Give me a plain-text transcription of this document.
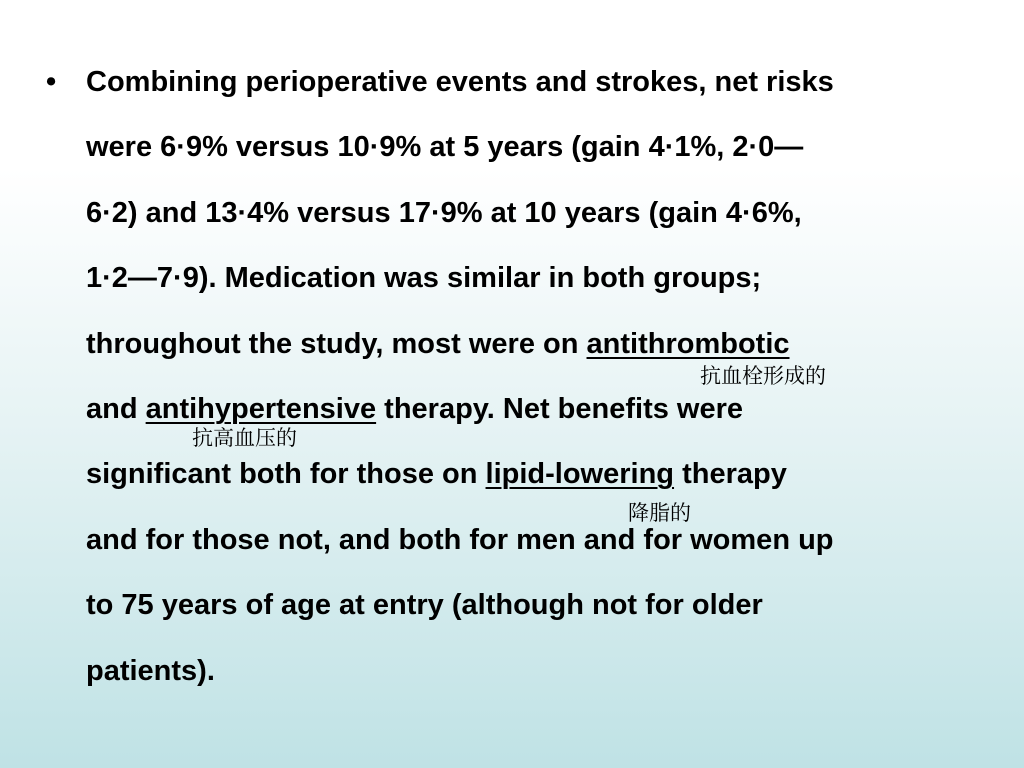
• Combining perioperative events and strokes, net risks
were 6·9% versus 10·9% at 5 years (gain 4·1%, 2·0—
6·2) and 13·4% versus 17·9% at 10 years (gain 4·6%,
1·2—7·9). Medication was similar in both groups;
throughout the study, most were on antithrombotic
抗血栓形成的
and antihypertensive therapy. Net benefits were
抗高血压的
significant both for those on lipid-lowering therapy
降脂的
and for those not, and both for men and for women up
to 75 years of age at entry (although not for older
patients).
